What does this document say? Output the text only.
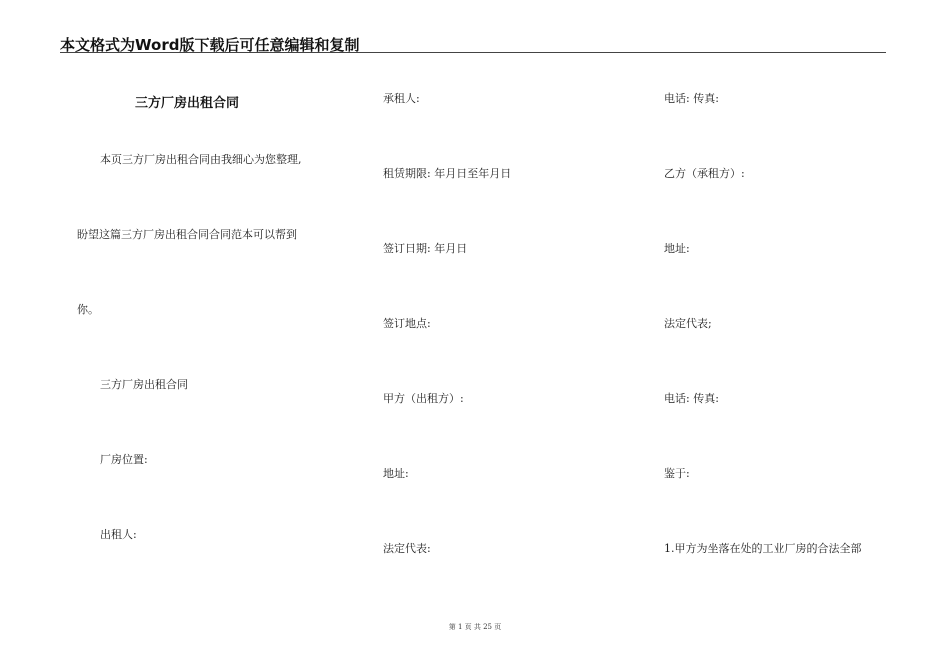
本文格式为Word版下载后可任意编辑和复制
三方厂房出租合同
本页三方厂房出租合同由我细心为您整理,
盼望这篇三方厂房出租合同合同范本可以帮到
你。
三方厂房出租合同
厂房位置:
出租人:
承租人:
租赁期限: 年月日至年月日
签订日期: 年月日
签订地点:
甲方（出租方）:
地址:
法定代表:
电话: 传真:
乙方（承租方）:
地址:
法定代表;
电话: 传真:
鉴于:
1.甲方为坐落在处的工业厂房的合法全部
第 1 页 共 25 页
